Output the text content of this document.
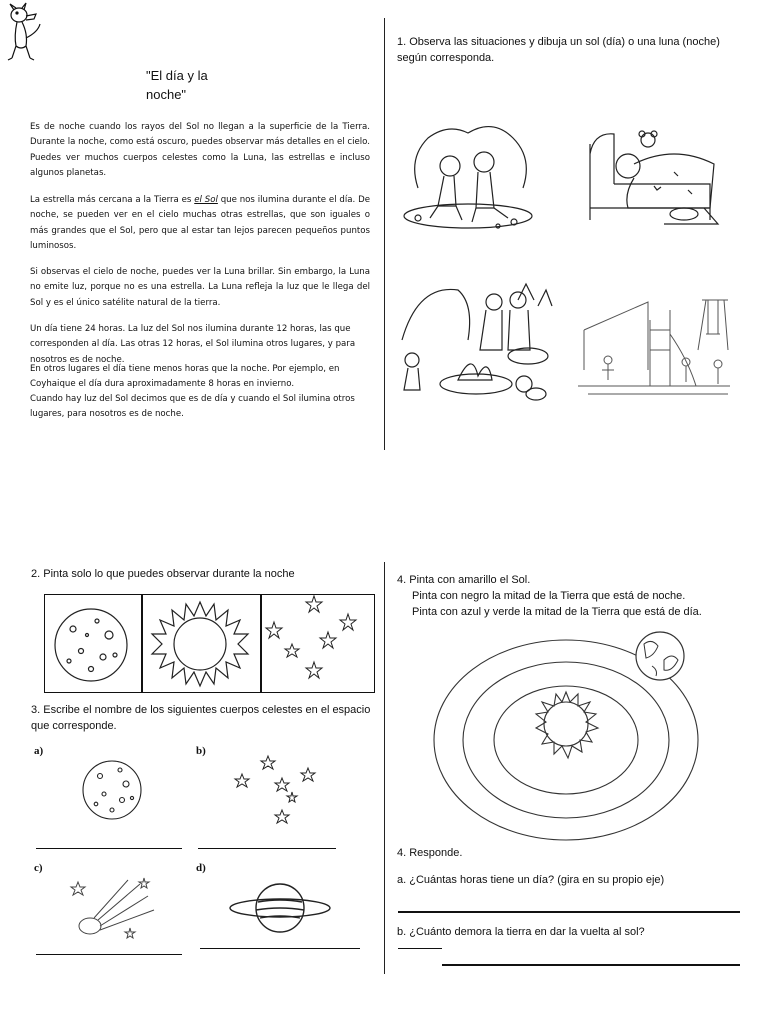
"El día y la noche"
Es de noche cuando los rayos del Sol no llegan a la superficie de la Tierra. Durante la noche, como está oscuro, puedes observar más detalles en el cielo. Puedes ver muchos cuerpos celestes como la Luna, las estrellas e incluso algunos planetas.
La estrella más cercana a la Tierra es el Sol que nos ilumina durante el día. De noche, se pueden ver en el cielo muchas otras estrellas, que son iguales o más grandes que el Sol, pero que al estar tan lejos parecen pequeños puntos luminosos.
Si observas el cielo de noche, puedes ver la Luna brillar. Sin embargo, la Luna no emite luz, porque no es una estrella. La Luna refleja la luz que le llega del Sol y es el único satélite natural de la tierra.
Un día tiene 24 horas. La luz del Sol nos ilumina durante 12 horas, las que corresponden al día. Las otras 12 horas, el Sol ilumina otros lugares, y para nosotros es de noche.
En otros lugares el día tiene menos horas que la noche. Por ejemplo, en Coyhaique el día dura aproximadamente 8 horas en invierno.
Cuando hay luz del Sol decimos que es de día y cuando el Sol ilumina otros lugares, para nosotros es de noche.
1. Observa las situaciones y dibuja un sol (día) o una luna (noche) según corresponda.
2. Pinta solo lo que puedes observar durante la noche
3. Escribe el nombre de los siguientes cuerpos celestes en el espacio que corresponde.
a)	b)
c)	d)
4. Pinta con amarillo el Sol.
Pinta con negro la mitad de la Tierra que está de noche.
Pinta con azul y verde la mitad de la Tierra que está de día.
4. Responde.
a. ¿Cuántas horas tiene un día? (gira en su propio eje)
b. ¿Cuánto demora la tierra en dar la vuelta al sol?
